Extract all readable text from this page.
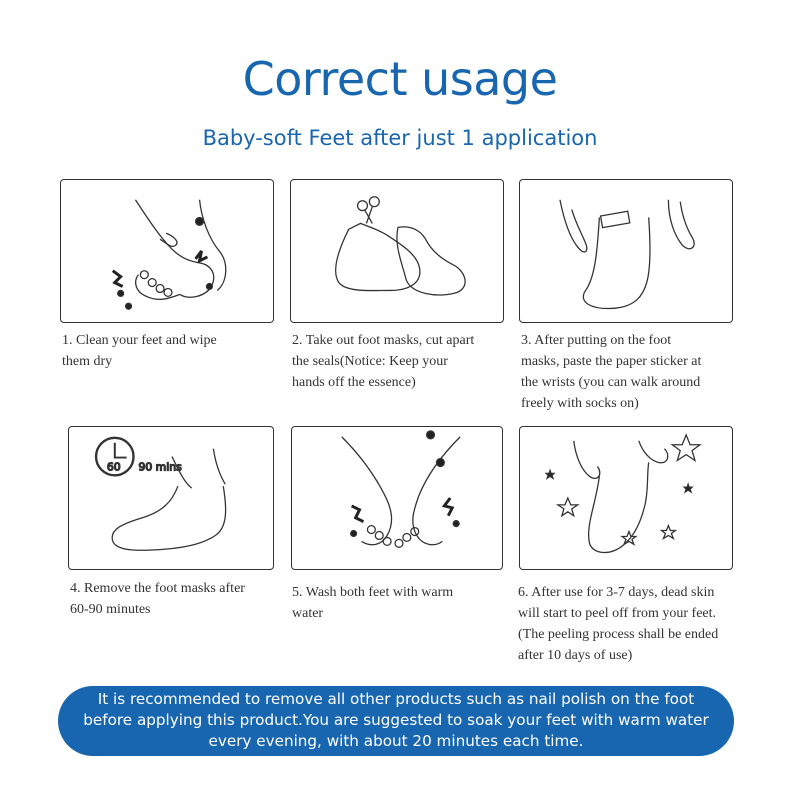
Correct usage
Baby-soft Feet after just 1 application
1. Clean your feet and wipe
them dry
2. Take out foot masks, cut apart
the seals(Notice: Keep your
hands off the essence)
3. After putting on the foot
masks, paste the paper sticker at
the wrists (you can walk around
freely with socks on)
60 90 mins
4. Remove the foot masks after
60-90 minutes
5. Wash both feet with warm
water
6. After use for 3-7 days, dead skin
will start to peel off from your feet.
(The peeling process shall be ended
after 10 days of use)
It is recommended to remove all other products such as nail polish on the foot before applying this product.You are suggested to soak your feet with warm water every evening, with about 20 minutes each time.
